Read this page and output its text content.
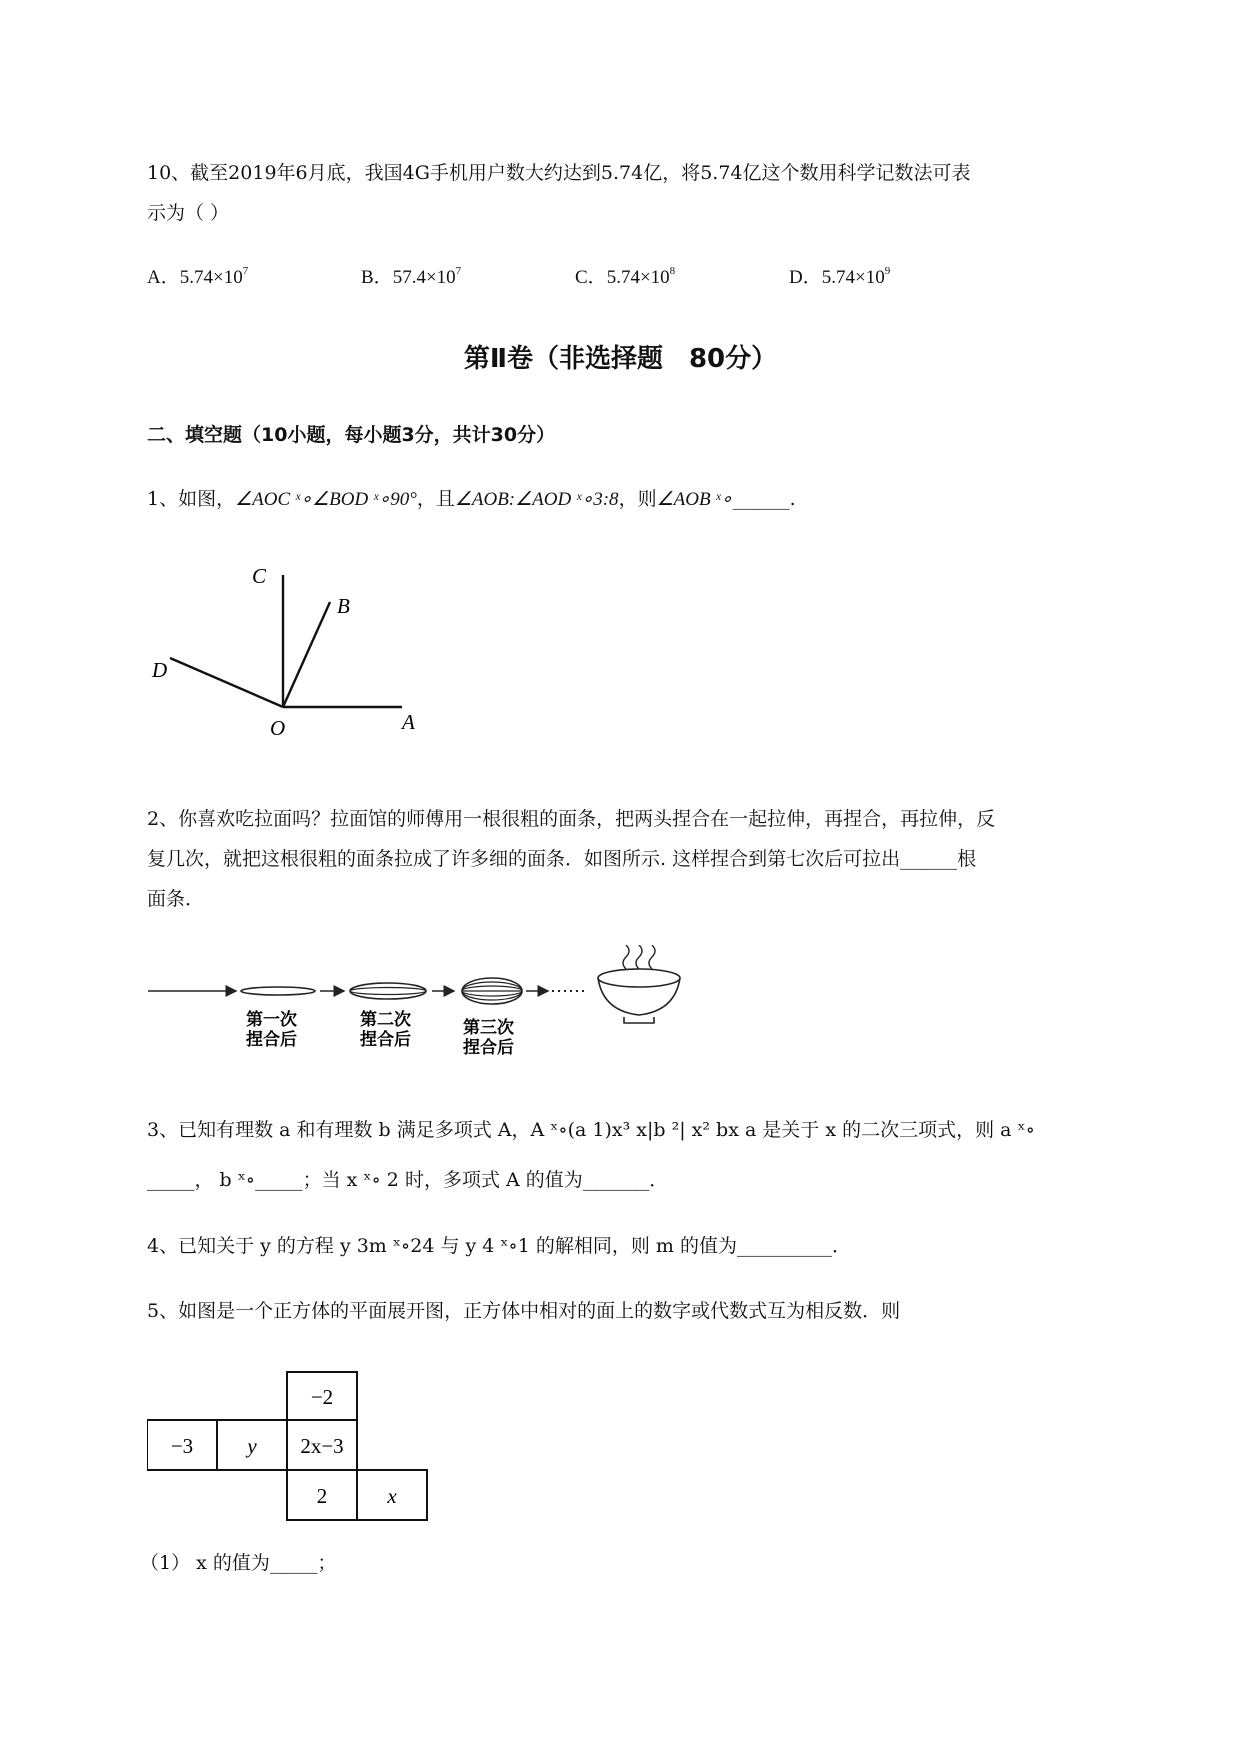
10、截至2019年6月底，我国4G手机用户数大约达到5.74亿，将5.74亿这个数用科学记数法可表
示为（ ）
A．$5.74\times 10^7$	B．$57.4\times 10^7$	C．$5.74\times 10^8$	D．$5.74\times 10^9$
第Ⅱ卷（非选择题　80分）
二、填空题（10小题，每小题3分，共计30分）
1、如图，∠AOC ˣ∘∠BOD ˣ∘90°，且∠AOB:∠AOD ˣ∘3:8，则∠AOB ˣ∘______.
C
B
D
O	A
2、你喜欢吃拉面吗？拉面馆的师傅用一根很粗的面条，把两头捏合在一起拉伸，再捏合，再拉伸，反
复几次，就把这根很粗的面条拉成了许多细的面条．如图所示. 这样捏合到第七次后可拉出______根
面条．
第一次
捏合后
第二次
捏合后
第三次
捏合后
3、已知有理数 a 和有理数 b 满足多项式 A，A ˣ∘(a 1)x³ x|b ²| x² bx a 是关于 x 的二次三项式，则 a ˣ∘
_____， b ˣ∘_____；当 x ˣ∘ 2 时，多项式 A 的值为_______．
4、已知关于 y 的方程 y 3m ˣ∘24 与 y 4 ˣ∘1 的解相同，则 m 的值为__________．
5、如图是一个正方体的平面展开图，正方体中相对的面上的数字或代数式互为相反数．则
−2
−3	y 2x−3
2	x
（1） x 的值为_____；
